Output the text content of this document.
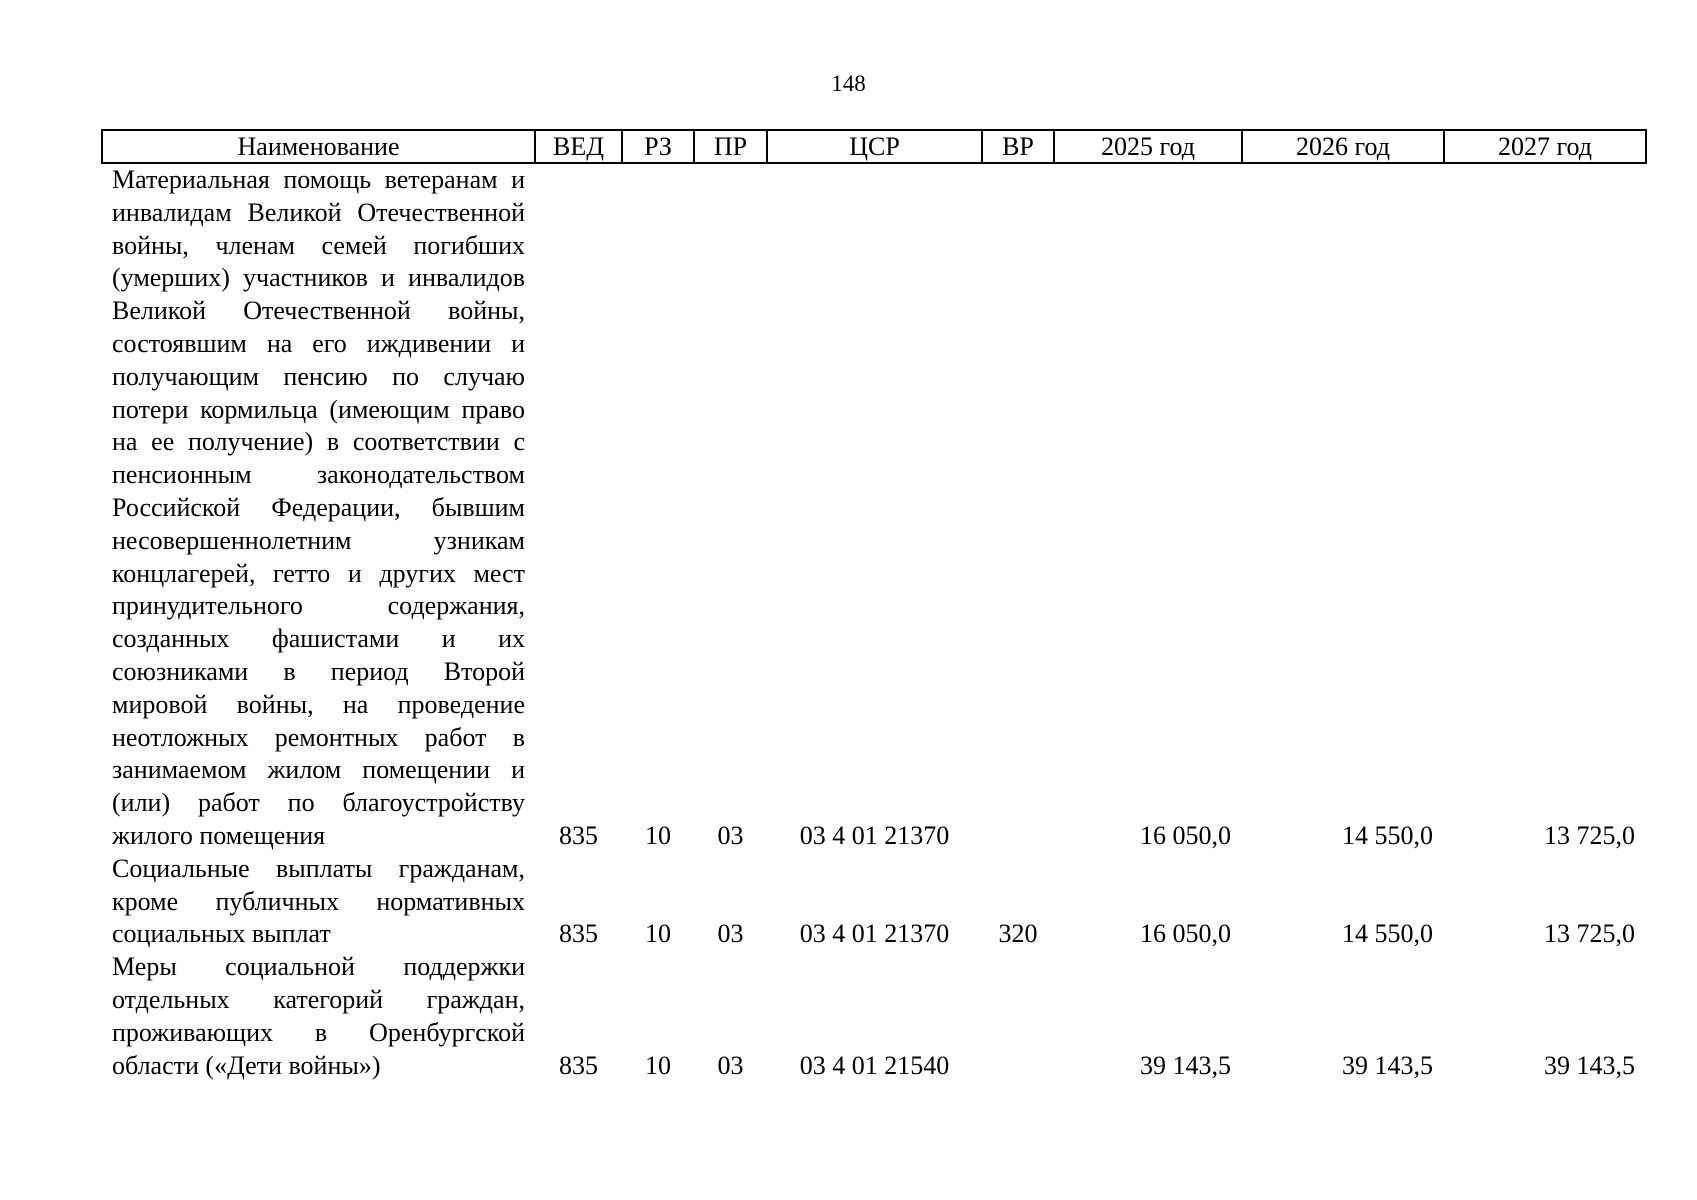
148
Наименование	ВЕД	РЗ	ПР	ЦСР	ВР	2025 год	2026 год	2027 год
Материальная помощь ветеранам и инвалидам Великой Отечественной войны, членам семей погибших (умерших) участников и инвалидов Великой Отечественной войны, состоявшим на его иждивении и получающим пенсию по случаю потери кормильца (имеющим право на ее получение) в соответствии с пенсионным законодательством Российской Федерации, бывшим несовершеннолетним узникам концлагерей, гетто и других мест принудительного содержания, созданных фашистами и их союзниками в период Второй мировой войны, на проведение неотложных ремонтных работ в занимаемом жилом помещении и (или) работ по благоустройству жилого помещения	835	10	03	03 4 01 21370		16 050,0	14 550,0	13 725,0
Социальные выплаты гражданам, кроме публичных нормативных социальных выплат	835	10	03	03 4 01 21370	320	16 050,0	14 550,0	13 725,0
Меры социальной поддержки отдельных категорий граждан, проживающих в Оренбургской области («Дети войны»)	835	10	03	03 4 01 21540		39 143,5	39 143,5	39 143,5
